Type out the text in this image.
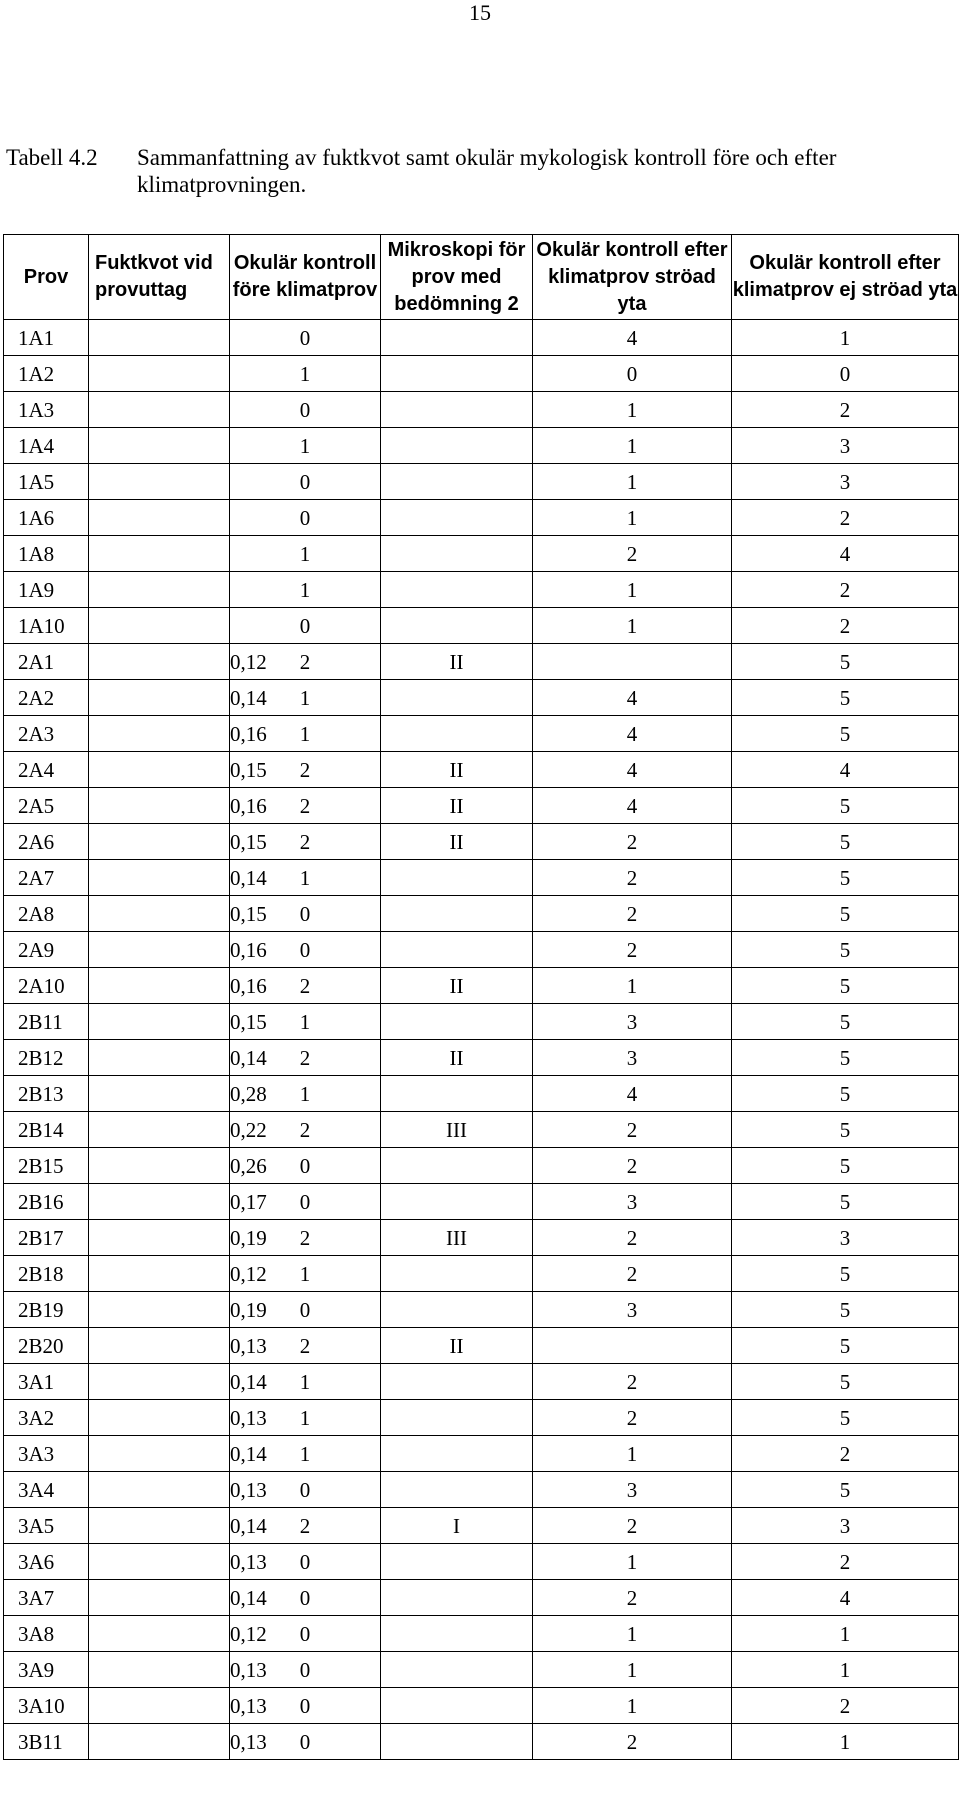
15
Tabell 4.2 Sammanfattning av fuktkvot samt okulär mykologisk kontroll före och efter klimatprovningen.
Prov	Fuktkvot vid provuttag	Okulär kontroll före klimatprov	Mikroskopi för prov med bedömning 2	Okulär kontroll efter klimatprov ströad yta	Okulär kontroll efter klimatprov ej ströad yta
1A1		0		4	1
1A2		1		0	0
1A3		0		1	2
1A4		1		1	3
1A5		0		1	3
1A6		0		1	2
1A8		1		2	4
1A9		1		1	2
1A10		0		1	2
2A1	0,12	2	II		5
2A2	0,14	1		4	5
2A3	0,16	1		4	5
2A4	0,15	2	II	4	4
2A5	0,16	2	II	4	5
2A6	0,15	2	II	2	5
2A7	0,14	1		2	5
2A8	0,15	0		2	5
2A9	0,16	0		2	5
2A10	0,16	2	II	1	5
2B11	0,15	1		3	5
2B12	0,14	2	II	3	5
2B13	0,28	1		4	5
2B14	0,22	2	III	2	5
2B15	0,26	0		2	5
2B16	0,17	0		3	5
2B17	0,19	2	III	2	3
2B18	0,12	1		2	5
2B19	0,19	0		3	5
2B20	0,13	2	II		5
3A1	0,14	1		2	5
3A2	0,13	1		2	5
3A3	0,14	1		1	2
3A4	0,13	0		3	5
3A5	0,14	2	I	2	3
3A6	0,13	0		1	2
3A7	0,14	0		2	4
3A8	0,12	0		1	1
3A9	0,13	0		1	1
3A10	0,13	0		1	2
3B11	0,13	0		2	1
